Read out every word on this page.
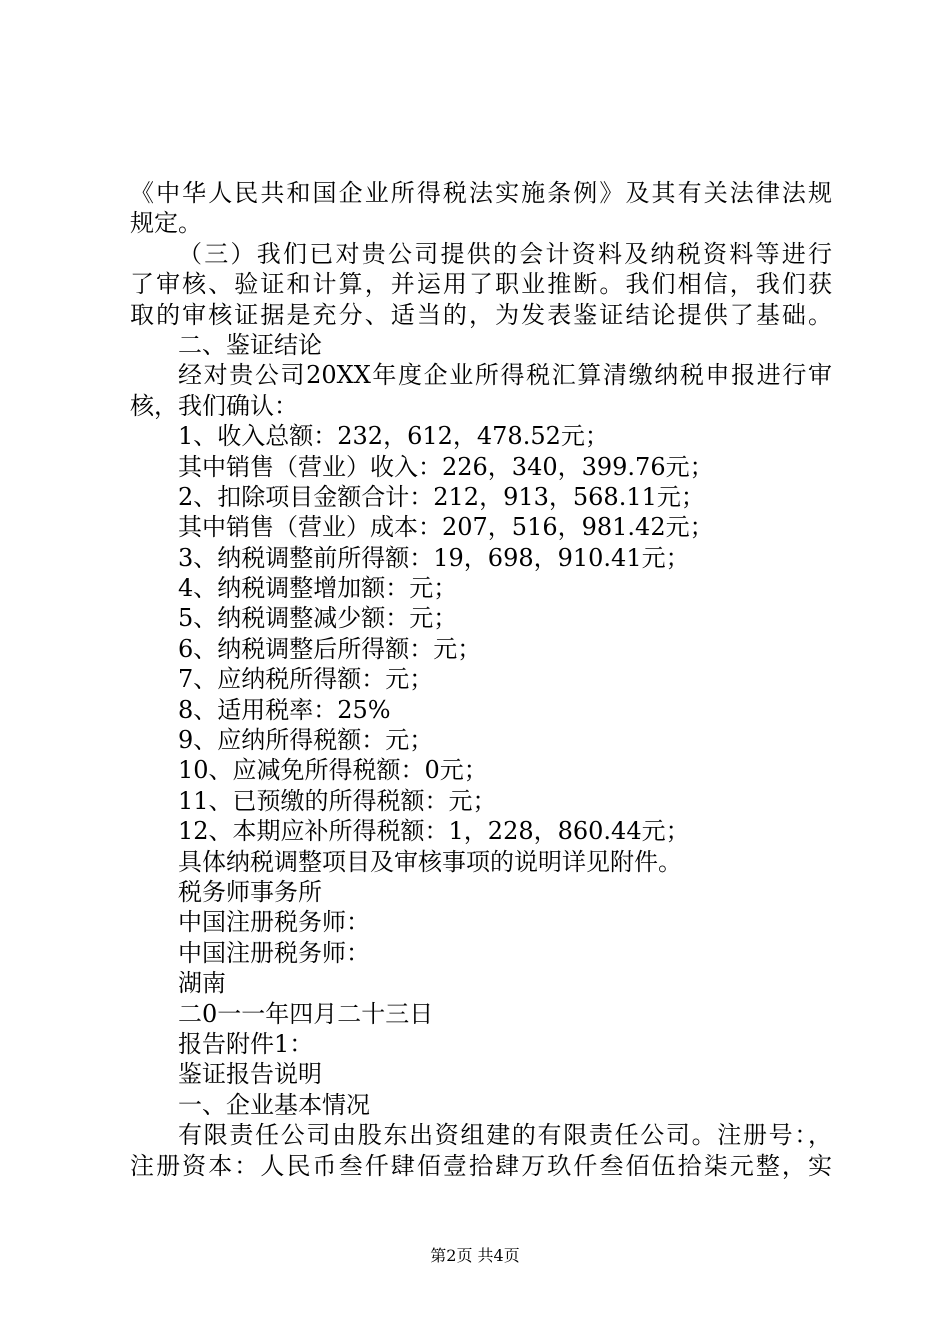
《中华人民共和国企业所得税法实施条例》及其有关法律法规
规定。
（三）我们已对贵公司提供的会计资料及纳税资料等进行
了审核、验证和计算，并运用了职业推断。我们相信，我们获
取的审核证据是充分、适当的，为发表鉴证结论提供了基础。
二、鉴证结论
经对贵公司20XX年度企业所得税汇算清缴纳税申报进行审
核，我们确认：
1、收入总额：232，612，478.52元；
其中销售（营业）收入：226，340，399.76元；
2、扣除项目金额合计：212，913，568.11元；
其中销售（营业）成本：207，516，981.42元；
3、纳税调整前所得额：19，698，910.41元；
4、纳税调整增加额：元；
5、纳税调整减少额：元；
6、纳税调整后所得额：元；
7、应纳税所得额：元；
8、适用税率：25%
9、应纳所得税额：元；
10、应减免所得税额：0元；
11、已预缴的所得税额：元；
12、本期应补所得税额：1，228，860.44元；
具体纳税调整项目及审核事项的说明详见附件。
税务师事务所
中国注册税务师：
中国注册税务师：
湖南
二0一一年四月二十三日
报告附件1：
鉴证报告说明
一、企业基本情况
有限责任公司由股东出资组建的有限责任公司。注册号：，
注册资本：人民币叁仟肆佰壹拾肆万玖仟叁佰伍拾柒元整，实
第2页 共4页
